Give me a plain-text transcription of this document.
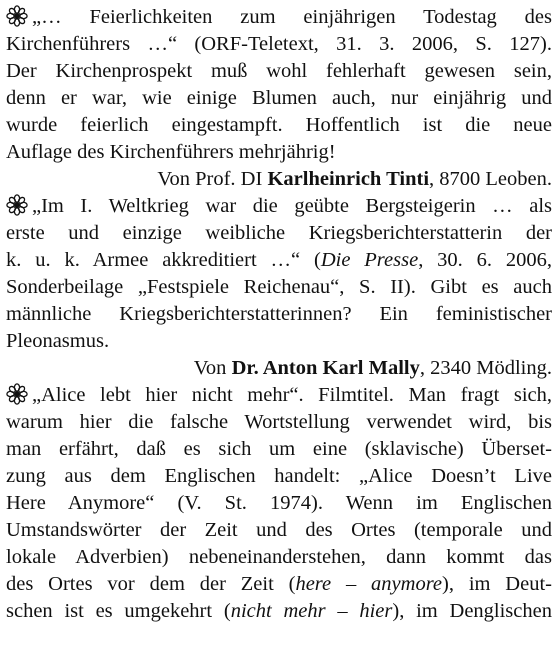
„… Feierlichkeiten zum einjährigen Todestag des
Kirchenführers …“ (ORF-Teletext, 31. 3. 2006, S. 127).
Der Kirchenprospekt muß wohl fehlerhaft gewesen sein,
denn er war, wie einige Blumen auch, nur einjährig und
wurde feierlich eingestampft. Hoffentlich ist die neue
Auflage des Kirchenführers mehrjährig!
Von Prof. DI Karlheinrich Tinti, 8700 Leoben.
„Im I. Weltkrieg war die geübte Bergsteigerin … als
erste und einzige weibliche Kriegsberichterstatterin der
k. u. k. Armee akkreditiert …“ (Die Presse, 30. 6. 2006,
Sonderbeilage „Festspiele Reichenau“, S. II). Gibt es auch
männliche Kriegsberichterstatterinnen? Ein feministischer
Pleonasmus.
Von Dr. Anton Karl Mally, 2340 Mödling.
„Alice lebt hier nicht mehr“. Filmtitel. Man fragt sich,
warum hier die falsche Wortstellung verwendet wird, bis
man erfährt, daß es sich um eine (sklavische) Überset-
zung aus dem Englischen handelt: „Alice Doesn’t Live
Here Anymore“ (V. St. 1974). Wenn im Englischen
Umstandswörter der Zeit und des Ortes (temporale und
lokale Adverbien) nebeneinanderstehen, dann kommt das
des Ortes vor dem der Zeit (here – anymore), im Deut-
schen ist es umgekehrt (nicht mehr – hier), im Denglischen
